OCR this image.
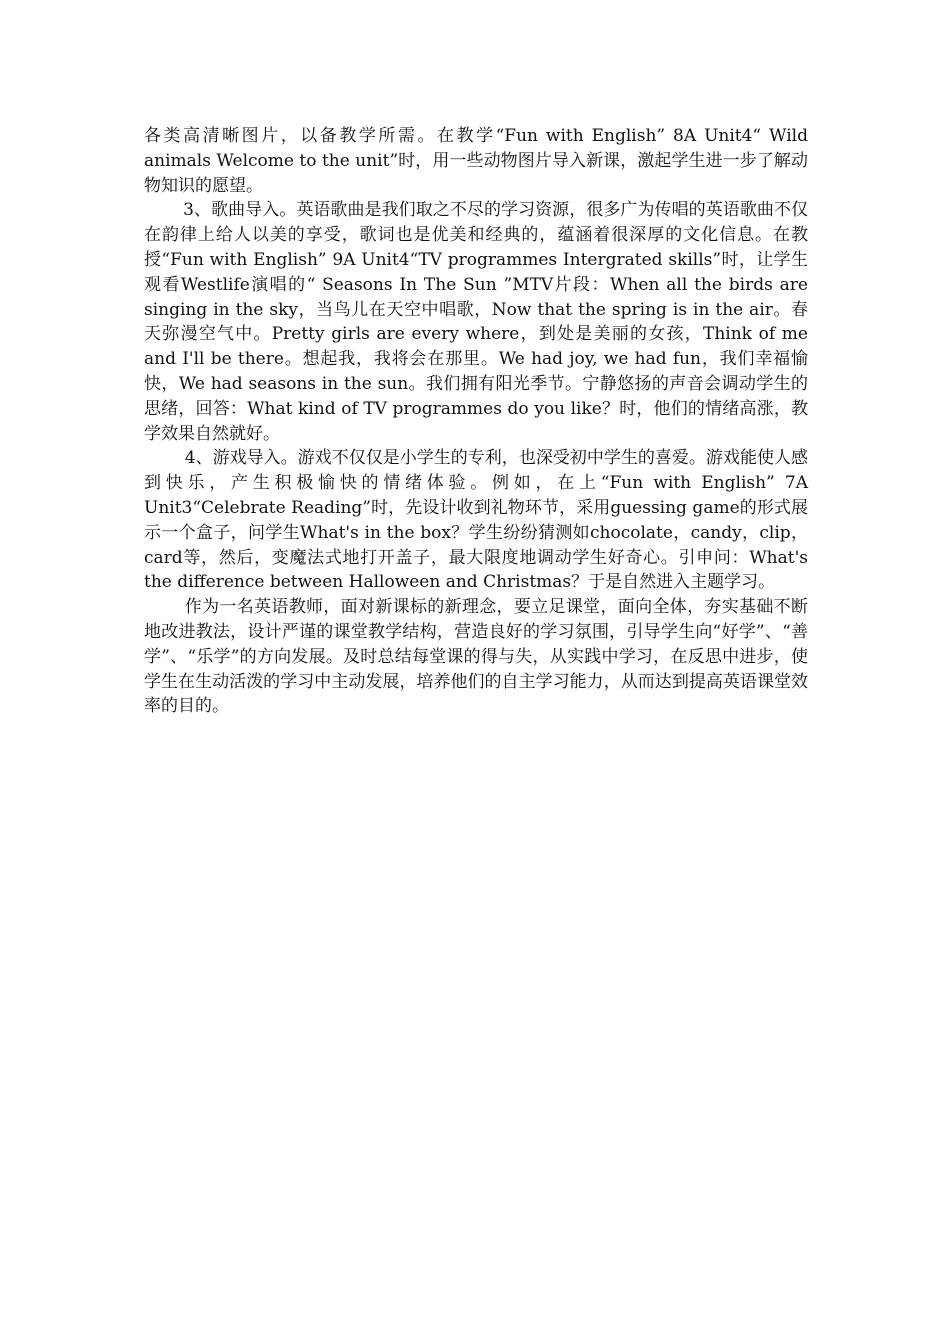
各类高清晰图片，以备教学所需。在教学“Fun with English” 8A Unit4“ Wild animals Welcome to the unit”时，用一些动物图片导入新课，激起学生进一步了解动物知识的愿望。

3、歌曲导入。英语歌曲是我们取之不尽的学习资源，很多广为传唱的英语歌曲不仅在韵律上给人以美的享受，歌词也是优美和经典的，蕴涵着很深厚的文化信息。在教授“Fun with English” 9A Unit4“TV programmes Intergrated skills”时，让学生观看Westlife演唱的“ Seasons In The Sun ”MTV片段：When all the birds are singing in the sky，当鸟儿在天空中唱歌，Now that the spring is in the air。春天弥漫空气中。Pretty girls are every where，到处是美丽的女孩，Think of me and I'll be there。想起我，我将会在那里。We had joy, we had fun，我们幸福愉快，We had seasons in the sun。我们拥有阳光季节。宁静悠扬的声音会调动学生的思绪，回答：What kind of TV programmes do you like？时，他们的情绪高涨，教学效果自然就好。

4、游戏导入。游戏不仅仅是小学生的专利，也深受初中学生的喜爱。游戏能使人感到快乐，产生积极愉快的情绪体验。例如，在上“Fun with English” 7A Unit3“Celebrate Reading”时，先设计收到礼物环节，采用guessing game的形式展示一个盒子，问学生What's in the box？学生纷纷猜测如chocolate，candy，clip，card等，然后，变魔法式地打开盖子，最大限度地调动学生好奇心。引申问：What's the difference between Halloween and Christmas？于是自然进入主题学习。

作为一名英语教师，面对新课标的新理念，要立足课堂，面向全体，夯实基础不断地改进教法，设计严谨的课堂教学结构，营造良好的学习氛围，引导学生向“好学”、“善学”、“乐学”的方向发展。及时总结每堂课的得与失，从实践中学习，在反思中进步，使学生在生动活泼的学习中主动发展，培养他们的自主学习能力，从而达到提高英语课堂效率的目的。
